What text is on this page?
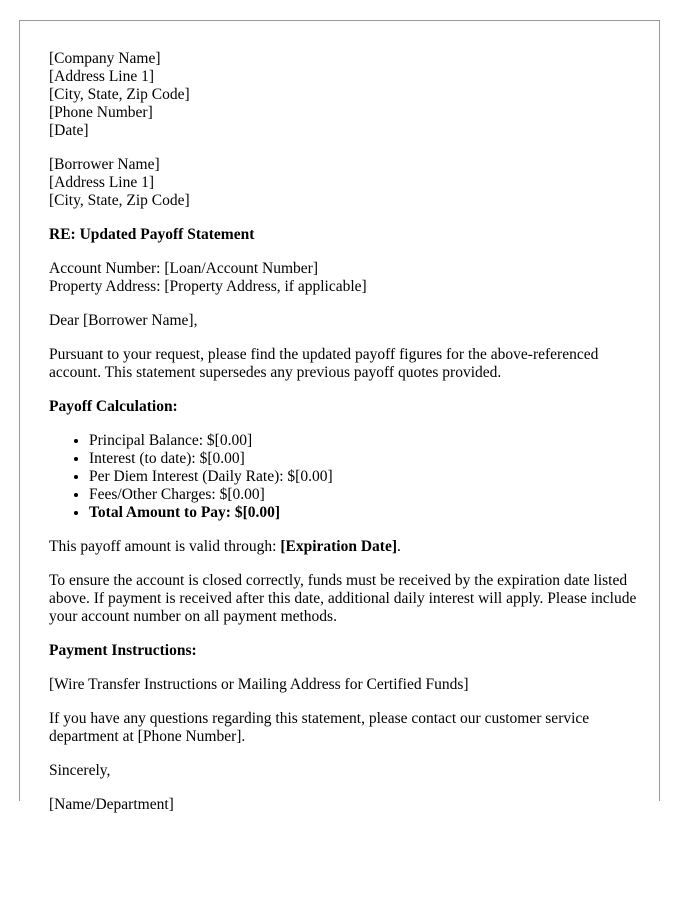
[Company Name]
[Address Line 1]
[City, State, Zip Code]
[Phone Number]
[Date]
[Borrower Name]
[Address Line 1]
[City, State, Zip Code]

RE: Updated Payoff Statement

Account Number: [Loan/Account Number]
Property Address: [Property Address, if applicable]

Dear [Borrower Name],

Pursuant to your request, please find the updated payoff figures for the above-referenced account. This statement supersedes any previous payoff quotes provided.

Payoff Calculation:

• Principal Balance: $[0.00]
• Interest (to date): $[0.00]
• Per Diem Interest (Daily Rate): $[0.00]
• Fees/Other Charges: $[0.00]
• Total Amount to Pay: $[0.00]

This payoff amount is valid through: [Expiration Date].

To ensure the account is closed correctly, funds must be received by the expiration date listed above. If payment is received after this date, additional daily interest will apply. Please include your account number on all payment methods.

Payment Instructions:

[Wire Transfer Instructions or Mailing Address for Certified Funds]

If you have any questions regarding this statement, please contact our customer service department at [Phone Number].

Sincerely,

[Name/Department]
